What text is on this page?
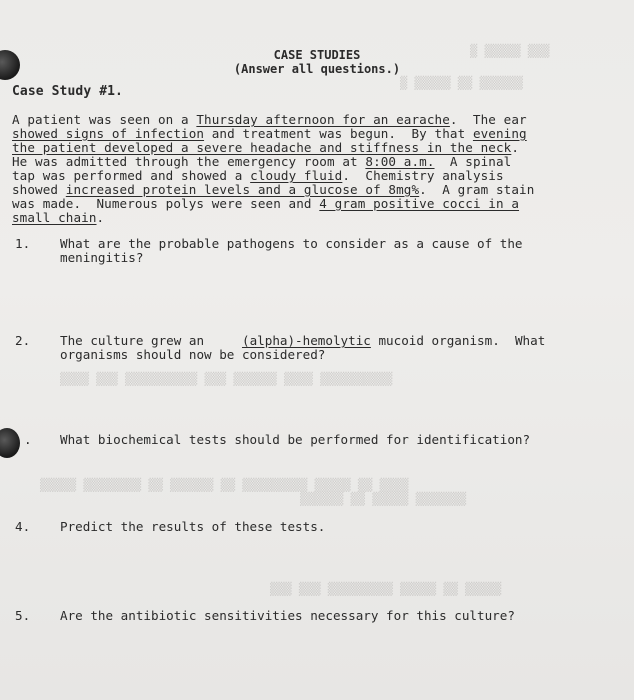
▒▒▒ ▒▒▒▒▒ ▒
▒▒▒▒▒▒ ▒▒ ▒▒▒▒▒ ▒
▒▒▒▒▒▒▒▒▒▒ ▒▒▒▒ ▒▒▒▒▒▒ ▒▒▒ ▒▒▒▒▒▒▒▒▒▒ ▒▒▒ ▒▒▒▒
▒▒▒▒ ▒▒ ▒▒▒▒▒ ▒▒▒▒▒▒▒▒▒ ▒▒ ▒▒▒▒▒▒ ▒▒ ▒▒▒▒▒▒▒▒ ▒▒▒▒▒
▒▒▒▒▒▒▒ ▒▒▒▒▒ ▒▒ ▒▒▒▒▒▒
▒▒▒▒▒ ▒▒ ▒▒▒▒▒ ▒▒▒▒▒▒▒▒▒ ▒▒▒ ▒▒▒
CASE STUDIES
(Answer all questions.)
Case Study #1.
A patient was seen on a Thursday afternoon for an earache.  The ear
showed signs of infection and treatment was begun.  By that evening
the patient developed a severe headache and stiffness in the neck.
He was admitted through the emergency room at 8:00 a.m.  A spinal
tap was performed and showed a cloudy fluid.  Chemistry analysis
showed increased protein levels and a glucose of 8mg%.  A gram stain
was made.  Numerous polys were seen and 4 gram positive cocci in a
small chain.
1. What are the probable pathogens to consider as a cause of the
meningitis?
2. The culture grew an     (alpha)-hemolytic mucoid organism.  What
organisms should now be considered?
. What biochemical tests should be performed for identification?
4. Predict the results of these tests.
5. Are the antibiotic sensitivities necessary for this culture?
